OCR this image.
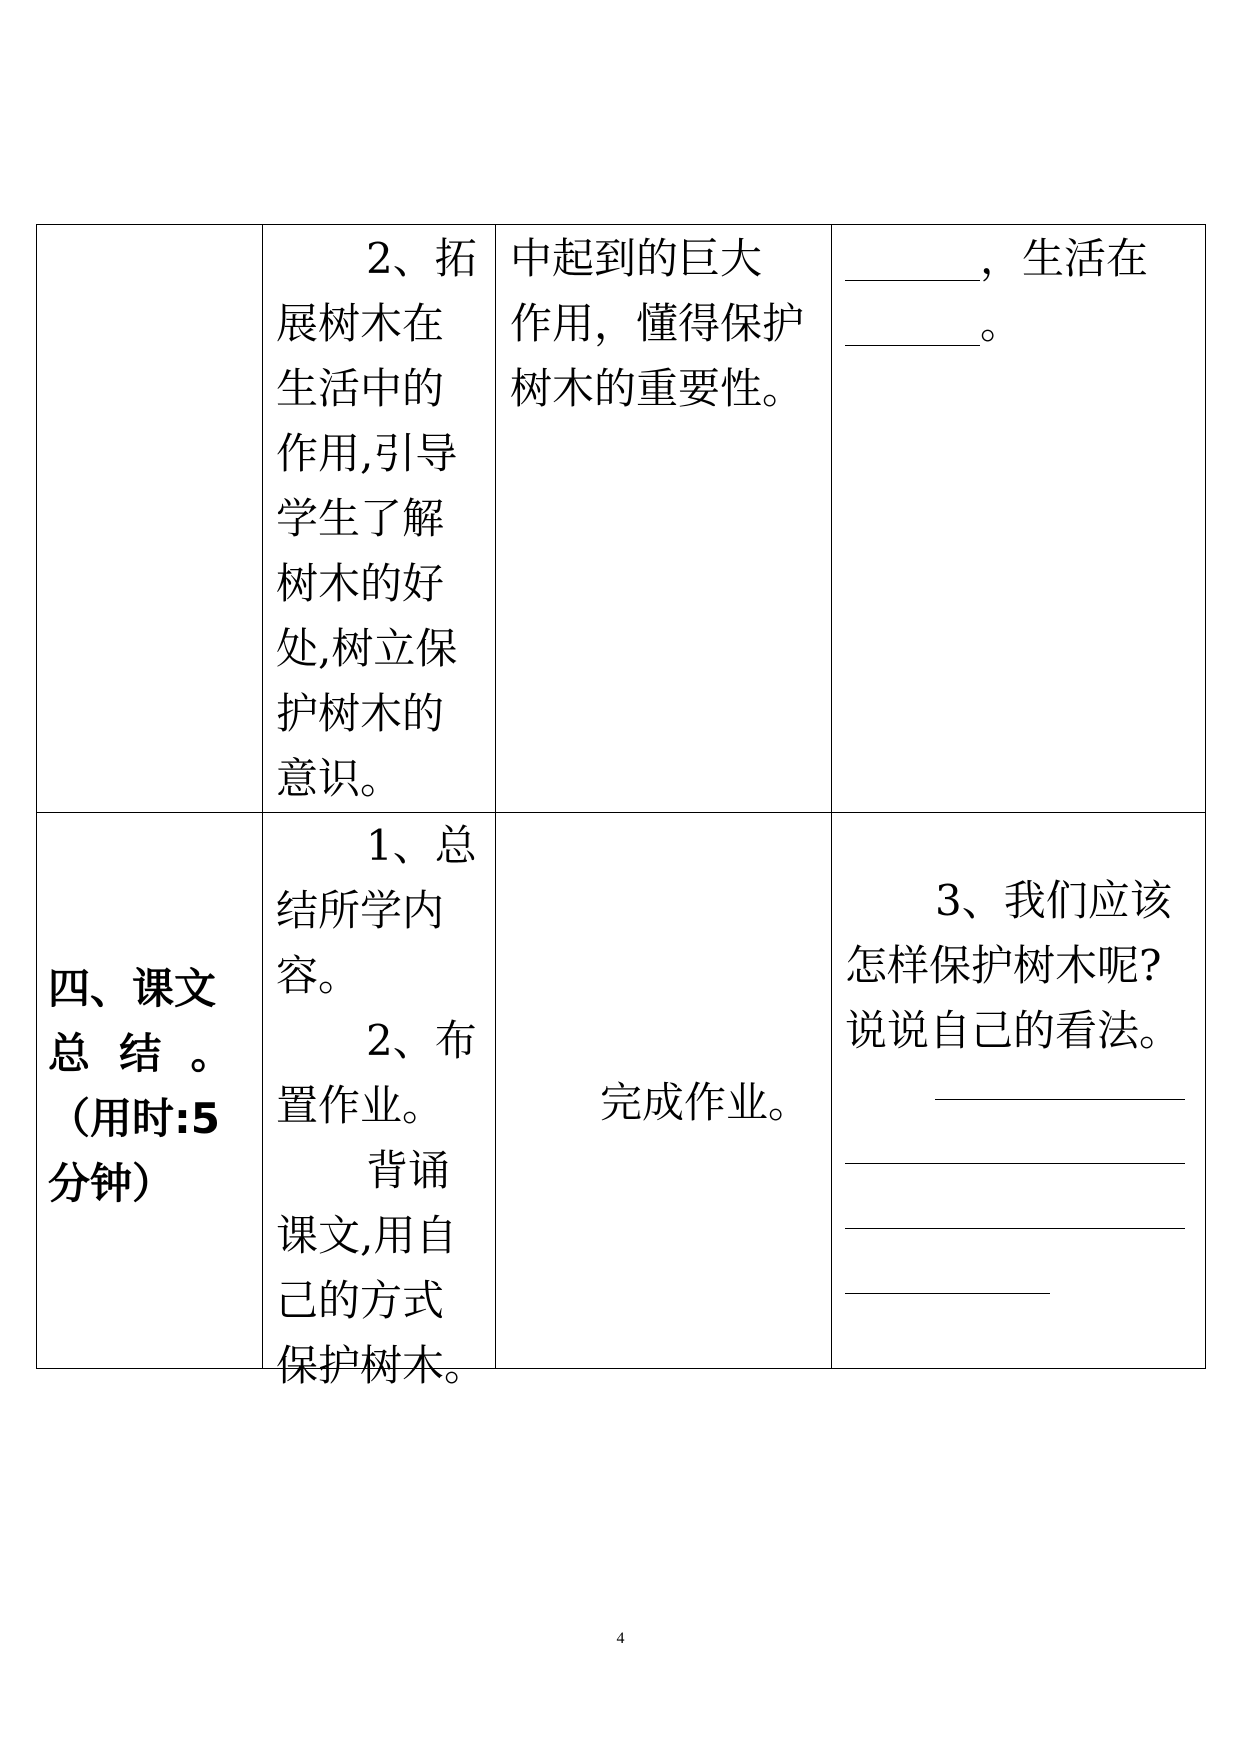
2、拓
展树木在
生活中的
作用,引导
学生了解
树木的好
处,树立保
护树木的
意识。
中起到的巨大
作用，懂得保护
树木的重要性。
，生活在
。
四、课文
总  结  。
（用时:5
分钟）
1、总
结所学内
容。
2、布
置作业。
背诵
课文,用自
己的方式
保护树木。
完成作业。
3、我们应该
怎样保护树木呢?
说说自己的看法。
4
